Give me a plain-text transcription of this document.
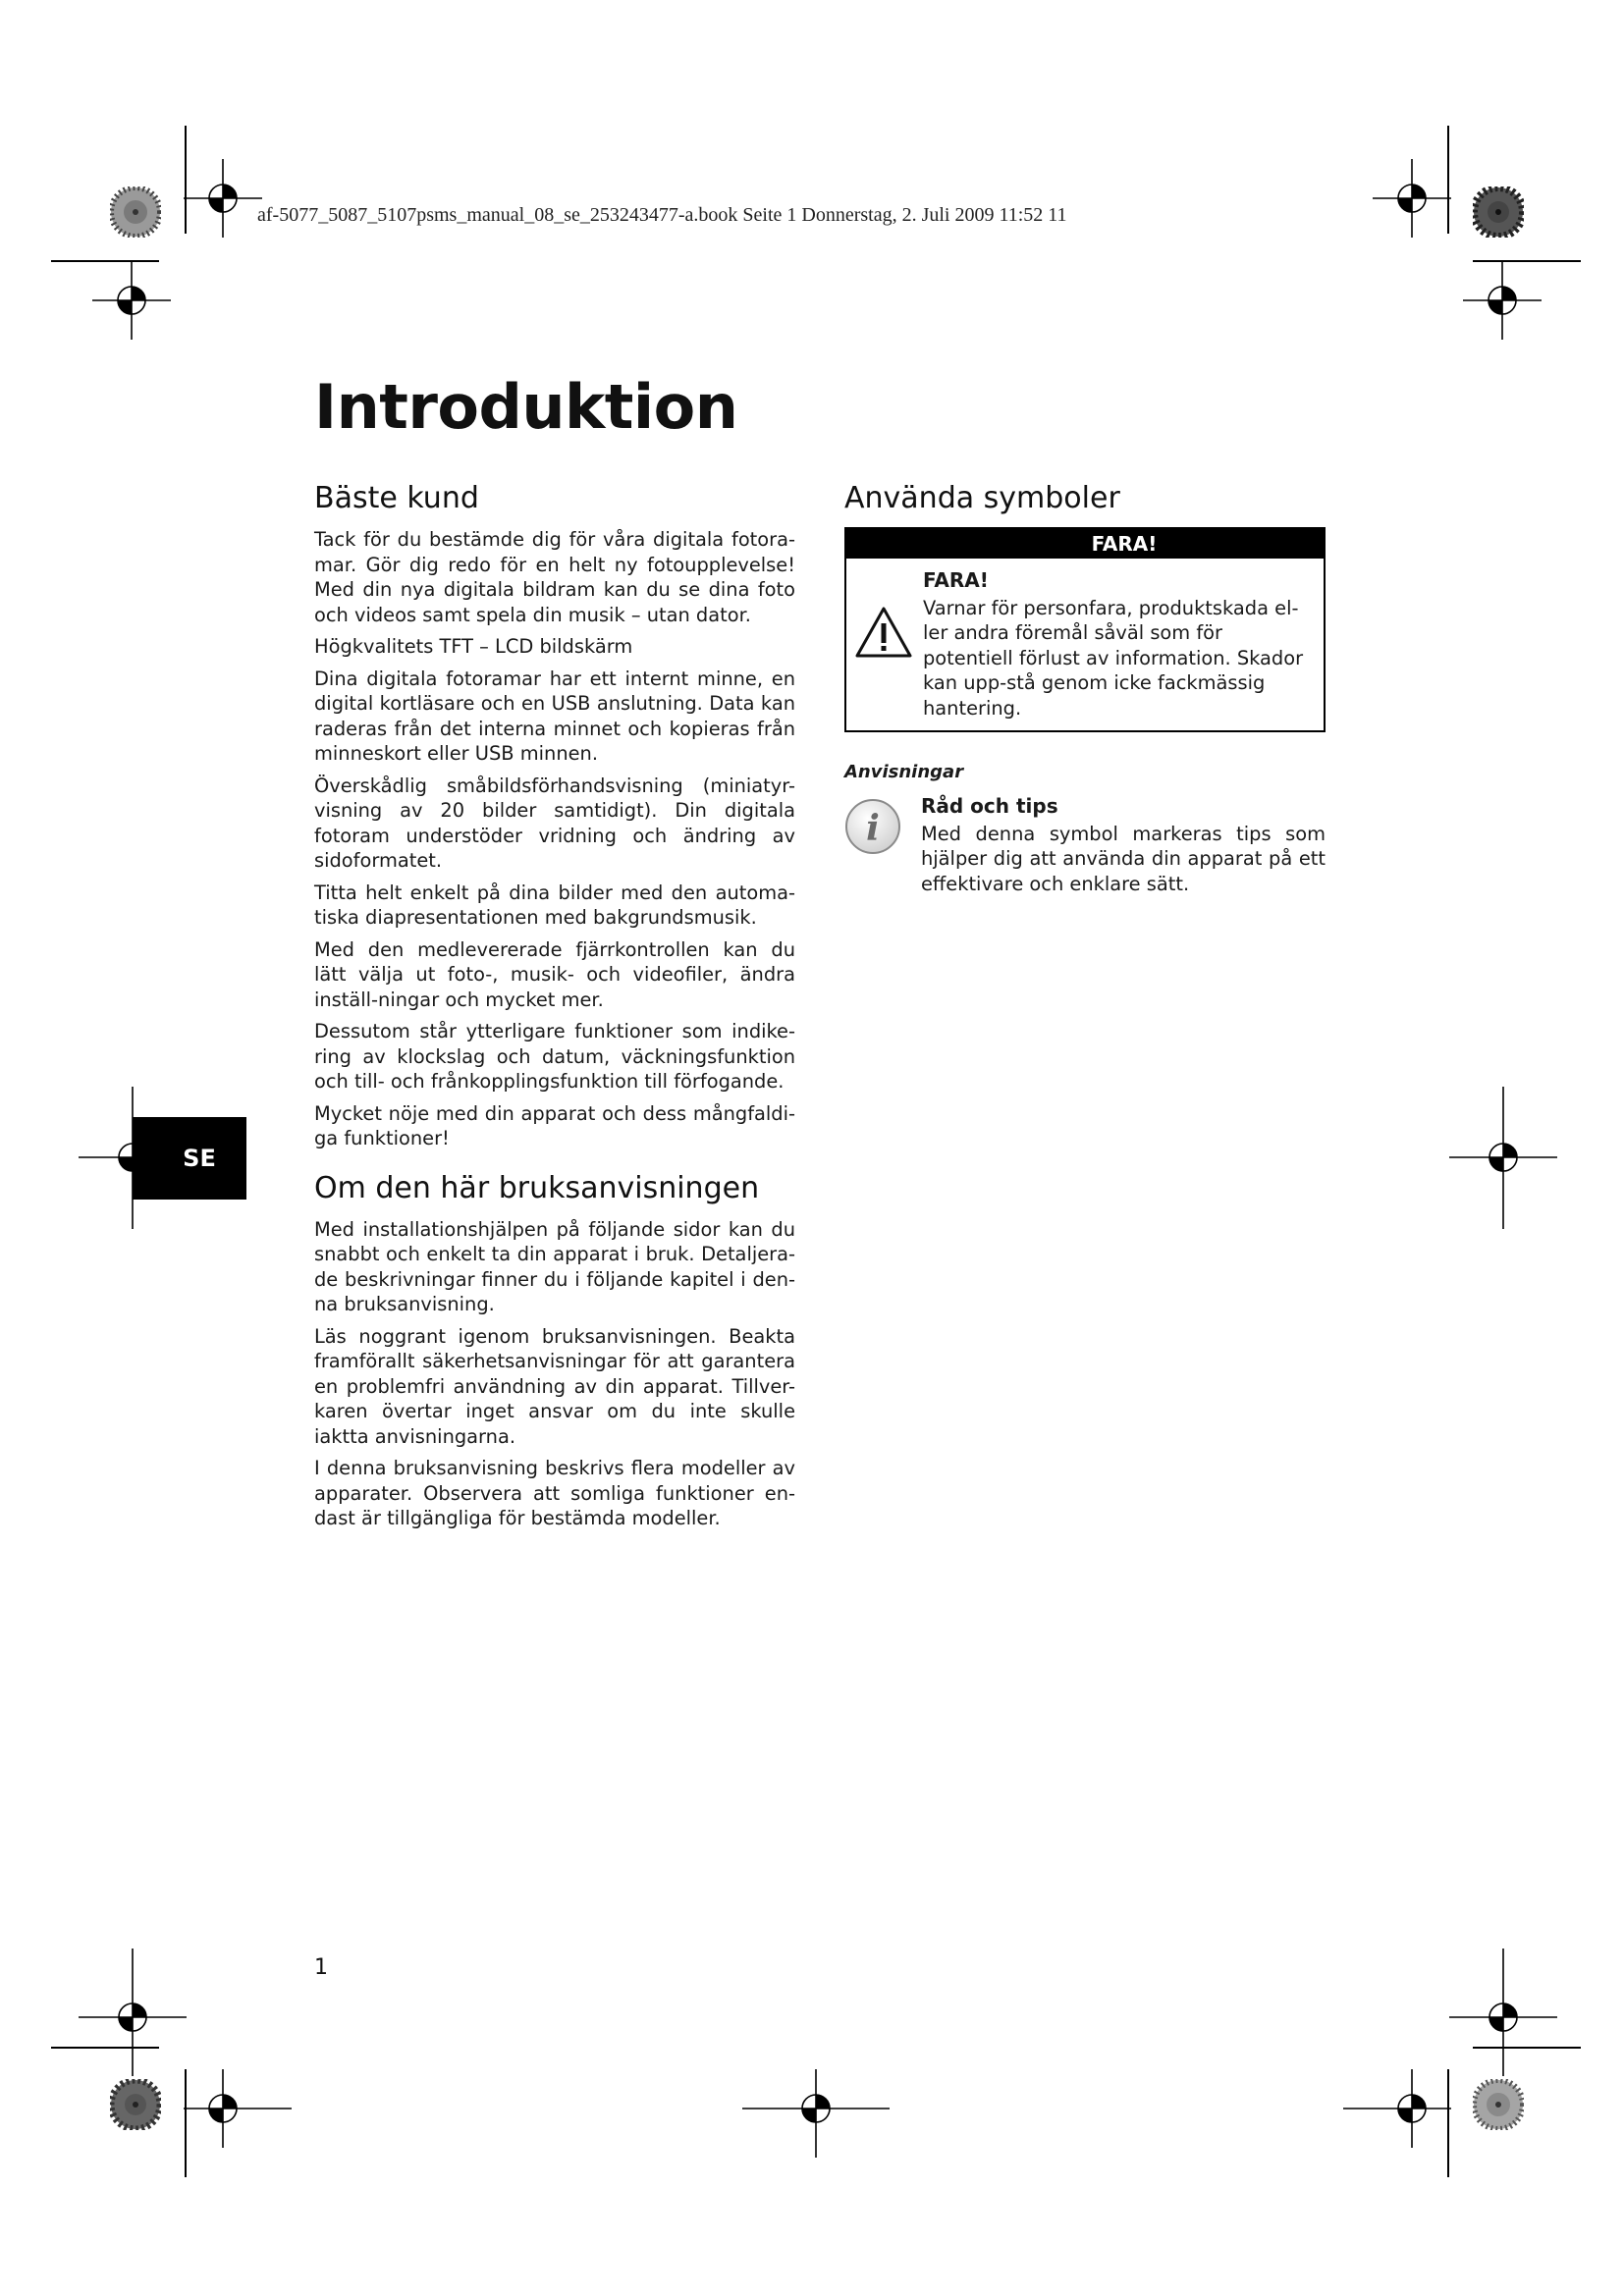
af-5077_5087_5107psms_manual_08_se_253243477-a.book Seite 1 Donnerstag, 2. Juli 2009 11:52 11
Introduktion
SE
Bäste kund

Tack för du bestämde dig för våra digitala fotora-mar. Gör dig redo för en helt ny fotoupplevelse! Med din nya digitala bildram kan du se dina foto och videos samt spela din musik – utan dator.

Högkvalitets TFT – LCD bildskärm

Dina digitala fotoramar har ett internt minne, en digital kortläsare och en USB anslutning. Data kan raderas från det interna minnet och kopieras från minneskort eller USB minnen.

Överskådlig småbildsförhandsvisning (miniatyr-visning av 20 bilder samtidigt). Din digitala fotoram understöder vridning och ändring av sidoformatet.

Titta helt enkelt på dina bilder med den automa-tiska diapresentationen med bakgrundsmusik.

Med den medlevererade fjärrkontrollen kan du lätt välja ut foto-, musik- och videofiler, ändra inställ-ningar och mycket mer.

Dessutom står ytterligare funktioner som indike-ring av klockslag och datum, väckningsfunktion och till- och frånkopplingsfunktion till förfogande.

Mycket nöje med din apparat och dess mångfaldi-ga funktioner!

Om den här bruksanvisningen

Med installationshjälpen på följande sidor kan du snabbt och enkelt ta din apparat i bruk. Detaljera-de beskrivningar finner du i följande kapitel i den-na bruksanvisning.

Läs noggrant igenom bruksanvisningen. Beakta framförallt säkerhetsanvisningar för att garantera en problemfri användning av din apparat. Tillver-karen övertar inget ansvar om du inte skulle iaktta anvisningarna.

I denna bruksanvisning beskrivs flera modeller av apparater. Observera att somliga funktioner en-dast är tillgängliga för bestämda modeller.

Använda symboler
FARA!
FARA!
Varnar för personfara, produktskada el-ler andra föremål såväl som för potentiell förlust av information. Skador kan upp-stå genom icke fackmässig hantering.
Anvisningar
i
Råd och tips
Med denna symbol markeras tips som hjälper dig att använda din apparat på ett effektivare och enklare sätt.
1
